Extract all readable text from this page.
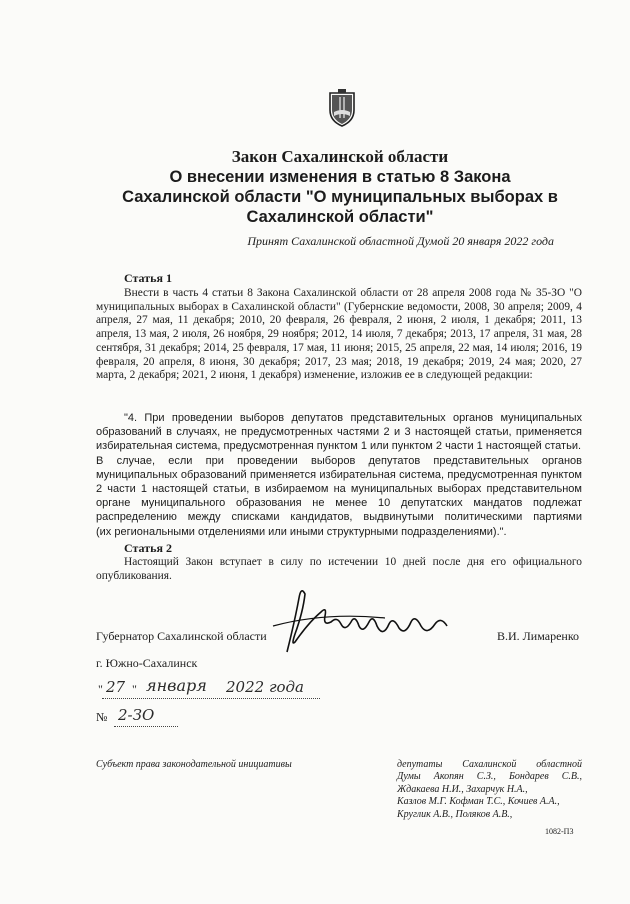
Закон Сахалинской области
О внесении изменения в статью 8 Закона
Сахалинской области "О муниципальных выборах в
Сахалинской области"
Принят Сахалинской областной Думой 20 января 2022 года
Статья 1
Внести в часть 4 статьи 8 Закона Сахалинской области от 28 апреля 2008 года № 35-ЗО "О муниципальных выборах в Сахалинской области" (Губернские ведомости, 2008, 30 апреля; 2009, 4 апреля, 27 мая, 11 декабря; 2010, 20 февраля, 26 февраля, 2 июня, 2 июля, 1 декабря; 2011, 13 апреля, 13 мая, 2 июля, 26 ноября, 29 ноября; 2012, 14 июля, 7 декабря; 2013, 17 апреля, 31 мая, 28 сентября, 31 декабря; 2014, 25 февраля, 17 мая, 11 июня; 2015, 25 апреля, 22 мая, 14 июля; 2016, 19 февраля, 20 апреля, 8 июня, 30 декабря; 2017, 23 мая; 2018, 19 декабря; 2019, 24 мая; 2020, 27 марта, 2 декабря; 2021, 2 июня, 1 декабря) изменение, изложив ее в следующей редакции:
"4. При проведении выборов депутатов представительных органов муниципальных образований в случаях, не предусмотренных частями 2 и 3 настоящей статьи, применяется избирательная система, предусмотренная пунктом 1 или пунктом 2 части 1 настоящей статьи.
В случае, если при проведении выборов депутатов представительных органов муниципальных образований применяется избирательная система, предусмотренная пунктом 2 части 1 настоящей статьи, в избираемом на муниципальных выборах представительном органе муниципального образования не менее 10 депутатских мандатов подлежат распределению между списками кандидатов, выдвинутыми политическими партиями
(их региональными отделениями или иными структурными подразделениями).".
Статья 2
Настоящий Закон вступает в силу по истечении 10 дней после дня его официального опубликования.
Губернатор Сахалинской области	В.И. Лимаренко
г. Южно-Сахалинск
" 27 " января 2022 года
№ 2-ЗО
Субъект права законодательной инициативы	депутаты Сахалинской областной
Думы Акопян С.З., Бондарев С.В.,
Ждакаева Н.И., Захарчук Н.А.,
Казлов М.Г. Кофман Т.С., Кочиев А.А.,
Круглик А.В., Поляков А.В.,
1082-П3
